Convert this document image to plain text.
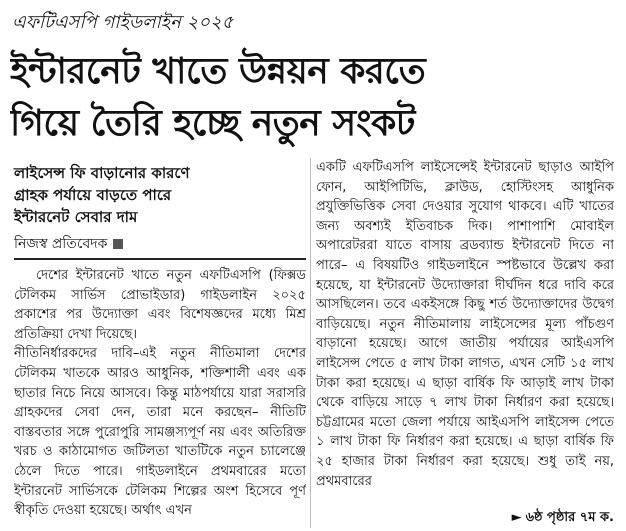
এফটিএসপি গাইডলাইন ২০২৫
ইন্টারনেট খাতে উন্নয়ন করতে
গিয়ে তৈরি হচ্ছে নতুন সংকট
লাইসেন্স ফি বাড়ানোর কারণে
গ্রাহক পর্যায়ে বাড়তে পারে
ইন্টারনেট সেবার দাম
নিজস্ব প্রতিবেদক

দেশের ইন্টারনেট খাতে নতুন এফটিএসপি (ফিক্সড টেলিকম সার্ভিস প্রোভাইডার) গাইডলাইন ২০২৫ প্রকাশের পর উদ্যোক্তা এবং বিশেষজ্ঞদের মধ্যে মিশ্র প্রতিক্রিয়া দেখা দিয়েছে।

নীতিনির্ধারকদের দাবি–এই নতুন নীতিমালা দেশের টেলিকম খাতকে আরও আধুনিক, শক্তিশালী এবং এক ছাতার নিচে নিয়ে আসবে। কিন্তু মাঠপর্যায়ে যারা সরাসরি গ্রাহকদের সেবা দেন, তারা মনে করছেন– নীতিটি বাস্তবতার সঙ্গে পুরোপুরি সামঞ্জস্যপূর্ণ নয় এবং অতিরিক্ত খরচ ও কাঠামোগত জটিলতা খাতটিকে নতুন চ্যালেঞ্জে ঠেলে দিতে পারে। গাইডলাইনে প্রথমবারের মতো ইন্টারনেট সার্ভিসকে টেলিকম শিল্পের অংশ হিসেবে পূর্ণ স্বীকৃতি দেওয়া হয়েছে। অর্থাৎ এখন

একটি এফটিএসপি লাইসেন্সেই ইন্টারনেট ছাড়াও আইপি ফোন, আইপিটিভি, ক্লাউড, হোস্টিংসহ আধুনিক প্রযুক্তিভিত্তিক সেবা দেওয়ার সুযোগ থাকবে। এটি খাতের জন্য অবশ্যই ইতিবাচক দিক। পাশাপাশি মোবাইল অপারেটররা যাতে বাসায় ব্রডব্যান্ড ইন্টারনেট দিতে না পারে– এ বিষয়টিও গাইডলাইনে স্পষ্টভাবে উল্লেখ করা হয়েছে, যা ইন্টারনেট উদ্যোক্তারা দীর্ঘদিন ধরে দাবি করে আসছিলেন। তবে একইসঙ্গে কিছু শর্ত উদ্যোক্তাদের উদ্বেগ বাড়িয়েছে। নতুন নীতিমালায় লাইসেন্সের মূল্য পাঁচগুণ বাড়ানো হয়েছে। আগে জাতীয় পর্যায়ের আইএসপি লাইসেন্স পেতে ৫ লাখ টাকা লাগত, এখন সেটি ১৫ লাখ টাকা করা হয়েছে। এ ছাড়া বার্ষিক ফি আড়াই লাখ টাকা থেকে বাড়িয়ে সাড়ে ৭ লাখ টাকা নির্ধারণ করা হয়েছে। চট্টগ্রামের মতো জেলা পর্যায়ে আইএসপি লাইসেন্স পেতে ১ লাখ টাকা ফি নির্ধারণ করা হয়েছে। এ ছাড়া বার্ষিক ফি ২৫ হাজার টাকা নির্ধারণ করা হয়েছে। শুধু তাই নয়, প্রথমবারের

► ৬ষ্ঠ পৃষ্ঠার ৭ম ক.
